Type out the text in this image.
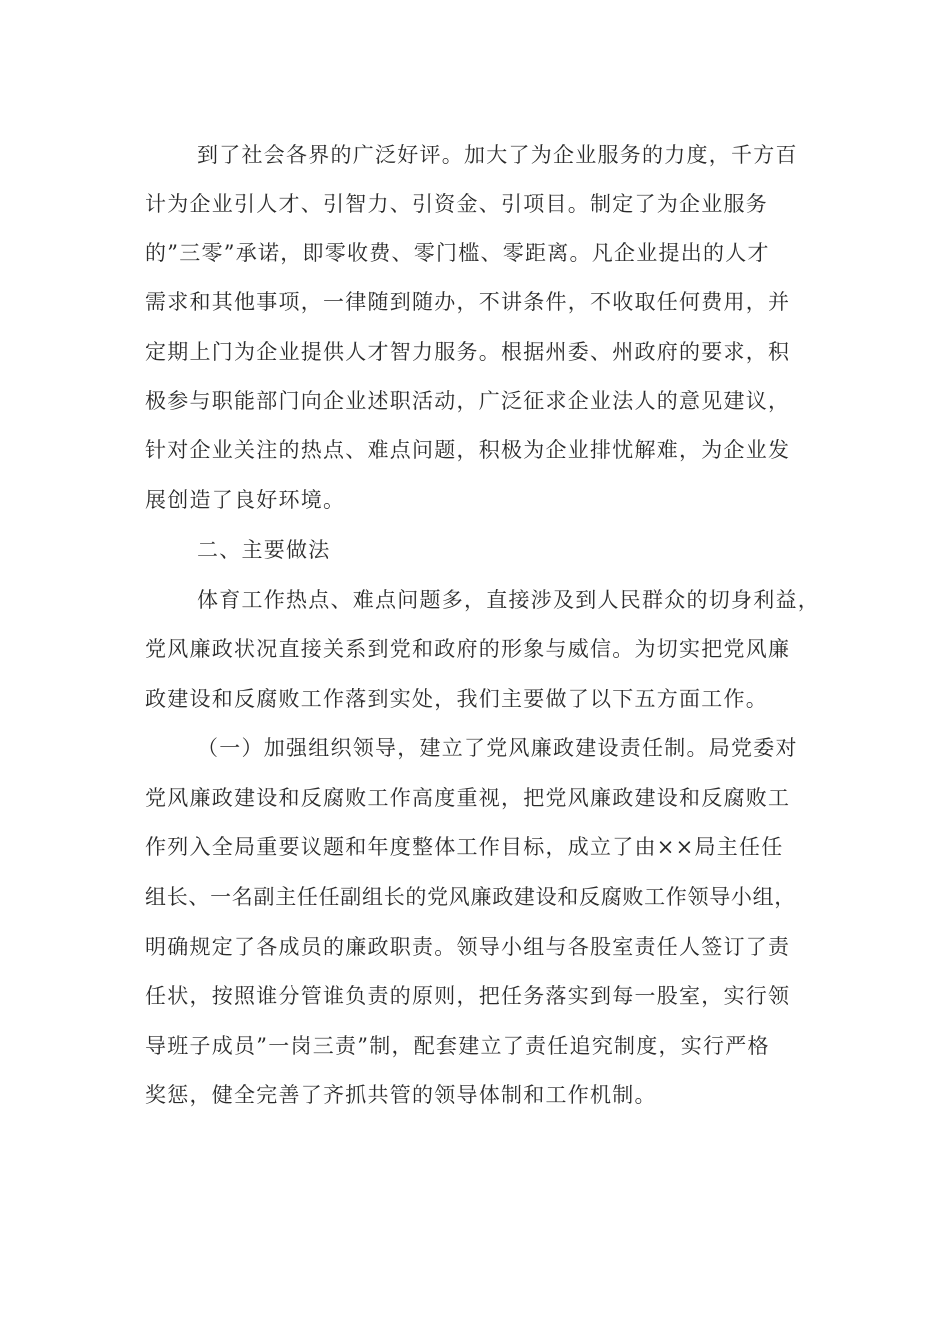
到了社会各界的广泛好评。加大了为企业服务的力度，千方百
计为企业引人才、引智力、引资金、引项目。制定了为企业服务
的”三零”承诺，即零收费、零门槛、零距离。凡企业提出的人才
需求和其他事项，一律随到随办，不讲条件，不收取任何费用，并
定期上门为企业提供人才智力服务。根据州委、州政府的要求，积
极参与职能部门向企业述职活动，广泛征求企业法人的意见建议，
针对企业关注的热点、难点问题，积极为企业排忧解难，为企业发
展创造了良好环境。
二、主要做法
体育工作热点、难点问题多，直接涉及到人民群众的切身利益，
党风廉政状况直接关系到党和政府的形象与威信。为切实把党风廉
政建设和反腐败工作落到实处，我们主要做了以下五方面工作。
（一）加强组织领导，建立了党风廉政建设责任制。局党委对
党风廉政建设和反腐败工作高度重视，把党风廉政建设和反腐败工
作列入全局重要议题和年度整体工作目标，成立了由××局主任任
组长、一名副主任任副组长的党风廉政建设和反腐败工作领导小组，
明确规定了各成员的廉政职责。领导小组与各股室责任人签订了责
任状，按照谁分管谁负责的原则，把任务落实到每一股室，实行领
导班子成员”一岗三责”制，配套建立了责任追究制度，实行严格
奖惩，健全完善了齐抓共管的领导体制和工作机制。
